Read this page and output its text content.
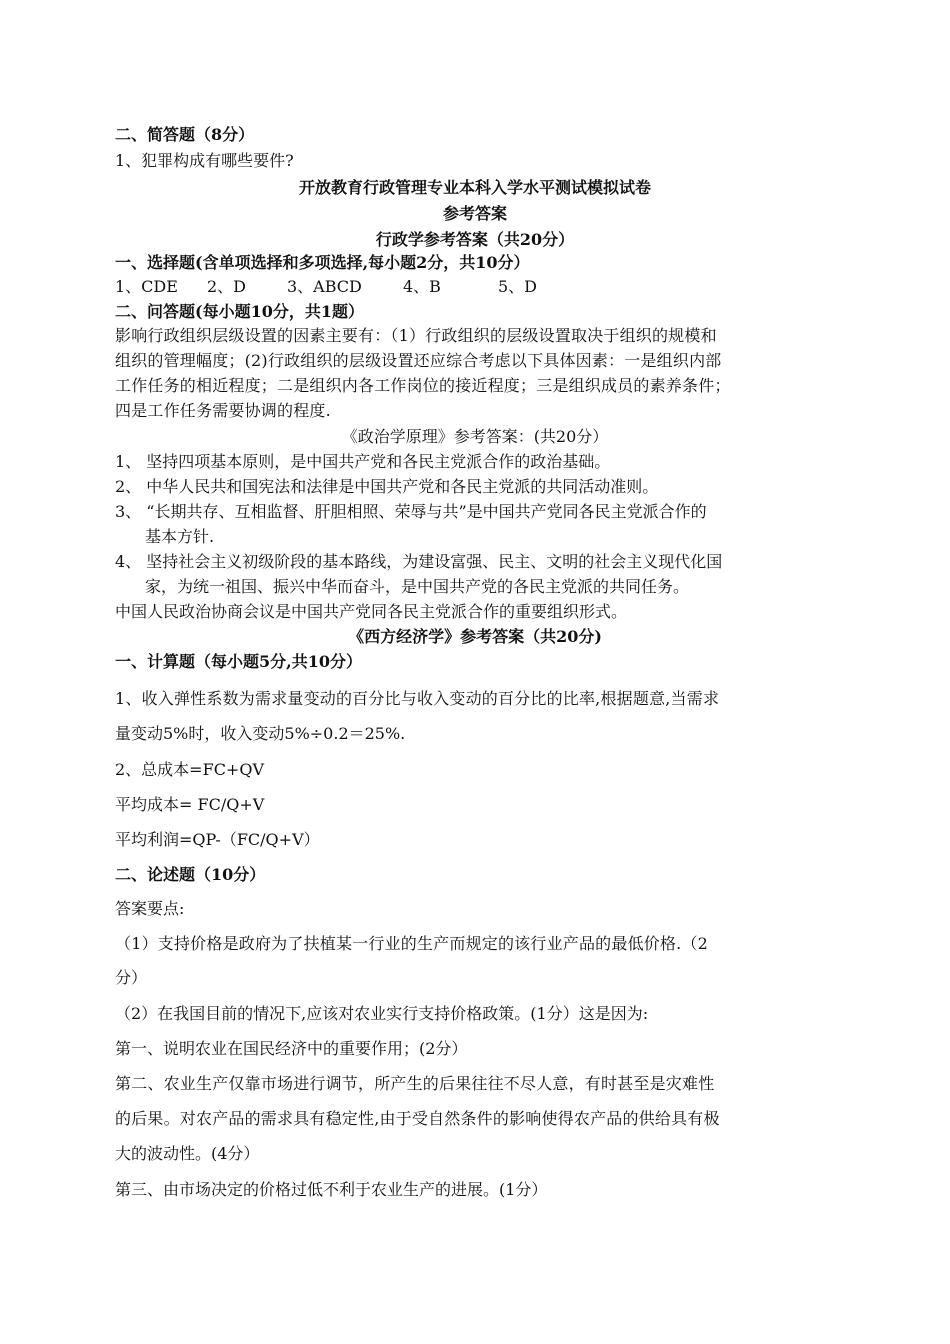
二、简答题（8分）
1、犯罪构成有哪些要件?
开放教育行政管理专业本科入学水平测试模拟试卷
参考答案
行政学参考答案（共20分）
一、选择题(含单项选择和多项选择,每小题2分，共10分）
1、CDE 2、D	3、ABCD	4、B	5、D
二、问答题(每小题10分，共1题）
影响行政组织层级设置的因素主要有：（1）行政组织的层级设置取决于组织的规模和
组织的管理幅度；(2)行政组织的层级设置还应综合考虑以下具体因素：一是组织内部
工作任务的相近程度；二是组织内各工作岗位的接近程度；三是组织成员的素养条件；
四是工作任务需要协调的程度.
《政治学原理》参考答案：(共20分）
1、 坚持四项基本原则，是中国共产党和各民主党派合作的政治基础。
2、 中华人民共和国宪法和法律是中国共产党和各民主党派的共同活动准则。
3、 “长期共存、互相监督、肝胆相照、荣辱与共”是中国共产党同各民主党派合作的
基本方针.
4、 坚持社会主义初级阶段的基本路线，为建设富强、民主、文明的社会主义现代化国
家，为统一祖国、振兴中华而奋斗，是中国共产党的各民主党派的共同任务。
中国人民政治协商会议是中国共产党同各民主党派合作的重要组织形式。
《西方经济学》参考答案（共20分)
一、计算题（每小题5分,共10分）
1、收入弹性系数为需求量变动的百分比与收入变动的百分比的比率,根据题意,当需求
量变动5%时，收入变动5%÷0.2＝25%.
2、总成本=FC+QV
平均成本= FC/Q+V
平均利润=QP-（FC/Q+V）
二、论述题（10分）
答案要点:
（1）支持价格是政府为了扶植某一行业的生产而规定的该行业产品的最低价格.（2
分）
（2）在我国目前的情况下,应该对农业实行支持价格政策。(1分）这是因为:
第一、说明农业在国民经济中的重要作用；(2分）
第二、农业生产仅靠市场进行调节，所产生的后果往往不尽人意，有时甚至是灾难性
的后果。对农产品的需求具有稳定性,由于受自然条件的影响使得农产品的供给具有极
大的波动性。(4分）
第三、由市场决定的价格过低不利于农业生产的进展。(1分）
